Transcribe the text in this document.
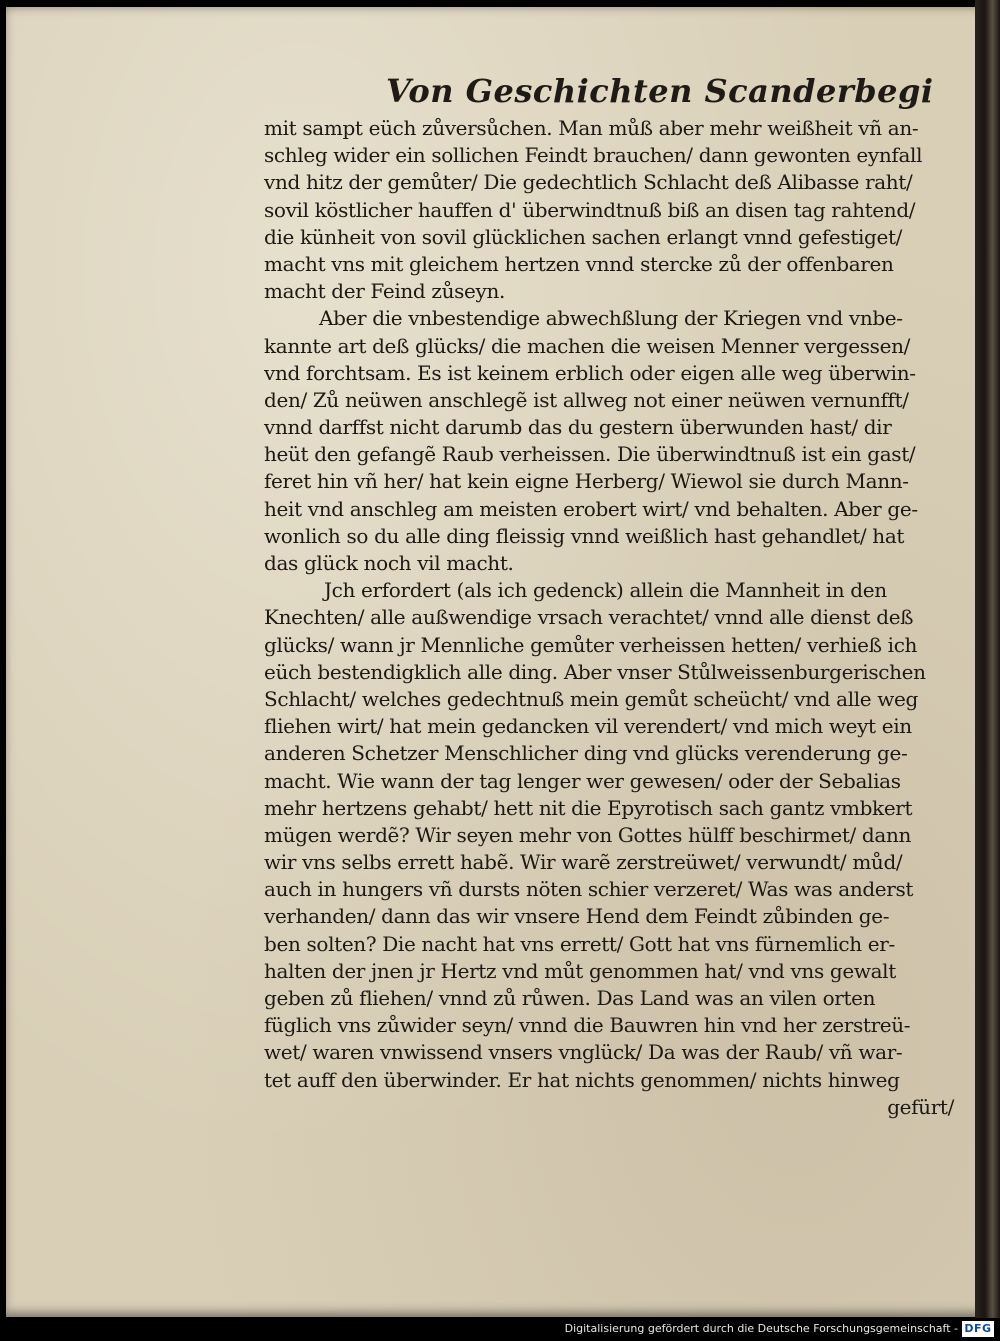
Von Geschichten Scanderbegi
mit sampt eüch zůversůchen. Man můß aber mehr weißheit vñ an-
schleg wider ein sollichen Feindt brauchen/ dann gewonten eynfall
vnd hitz der gemůter/ Die gedechtlich Schlacht deß Alibasse raht/
sovil köstlicher hauffen d' überwindtnuß biß an disen tag rahtend/
die künheit von sovil glücklichen sachen erlangt vnnd gefestiget/
macht vns mit gleichem hertzen vnnd stercke zů der offenbaren
macht der Feind zůseyn.
Aber die vnbestendige abwechßlung der Kriegen vnd vnbe-
kannte art deß glücks/ die machen die weisen Menner vergessen/
vnd forchtsam. Es ist keinem erblich oder eigen alle weg überwin-
den/ Zů neüwen anschlegẽ ist allweg not einer neüwen vernunfft/
vnnd darffst nicht darumb das du gestern überwunden hast/ dir
heüt den gefangẽ Raub verheissen. Die überwindtnuß ist ein gast/
feret hin vñ her/ hat kein eigne Herberg/ Wiewol sie durch Mann-
heit vnd anschleg am meisten erobert wirt/ vnd behalten. Aber ge-
wonlich so du alle ding fleissig vnnd weißlich hast gehandlet/ hat
das glück noch vil macht.
Jch erfordert (als ich gedenck) allein die Mannheit in den
Knechten/ alle außwendige vrsach verachtet/ vnnd alle dienst deß
glücks/ wann jr Mennliche gemůter verheissen hetten/ verhieß ich
eüch bestendigklich alle ding. Aber vnser Stůlweissenburgerischen
Schlacht/ welches gedechtnuß mein gemůt scheücht/ vnd alle weg
fliehen wirt/ hat mein gedancken vil verendert/ vnd mich weyt ein
anderen Schetzer Menschlicher ding vnd glücks verenderung ge-
macht. Wie wann der tag lenger wer gewesen/ oder der Sebalias
mehr hertzens gehabt/ hett nit die Epyrotisch sach gantz vmbkert
mügen werdẽ? Wir seyen mehr von Gottes hülff beschirmet/ dann
wir vns selbs errett habẽ. Wir warẽ zerstreüwet/ verwundt/ můd/
auch in hungers vñ dursts nöten schier verzeret/ Was was anderst
verhanden/ dann das wir vnsere Hend dem Feindt zůbinden ge-
ben solten? Die nacht hat vns errett/ Gott hat vns fürnemlich er-
halten der jnen jr Hertz vnd můt genommen hat/ vnd vns gewalt
geben zů fliehen/ vnnd zů růwen. Das Land was an vilen orten
füglich vns zůwider seyn/ vnnd die Bauwren hin vnd her zerstreü-
wet/ waren vnwissend vnsers vnglück/ Da was der Raub/ vñ war-
tet auff den überwinder. Er hat nichts genommen/ nichts hinweg
gefürt/
Digitalisierung gefördert durch die Deutsche Forschungsgemeinschaft - DFG
